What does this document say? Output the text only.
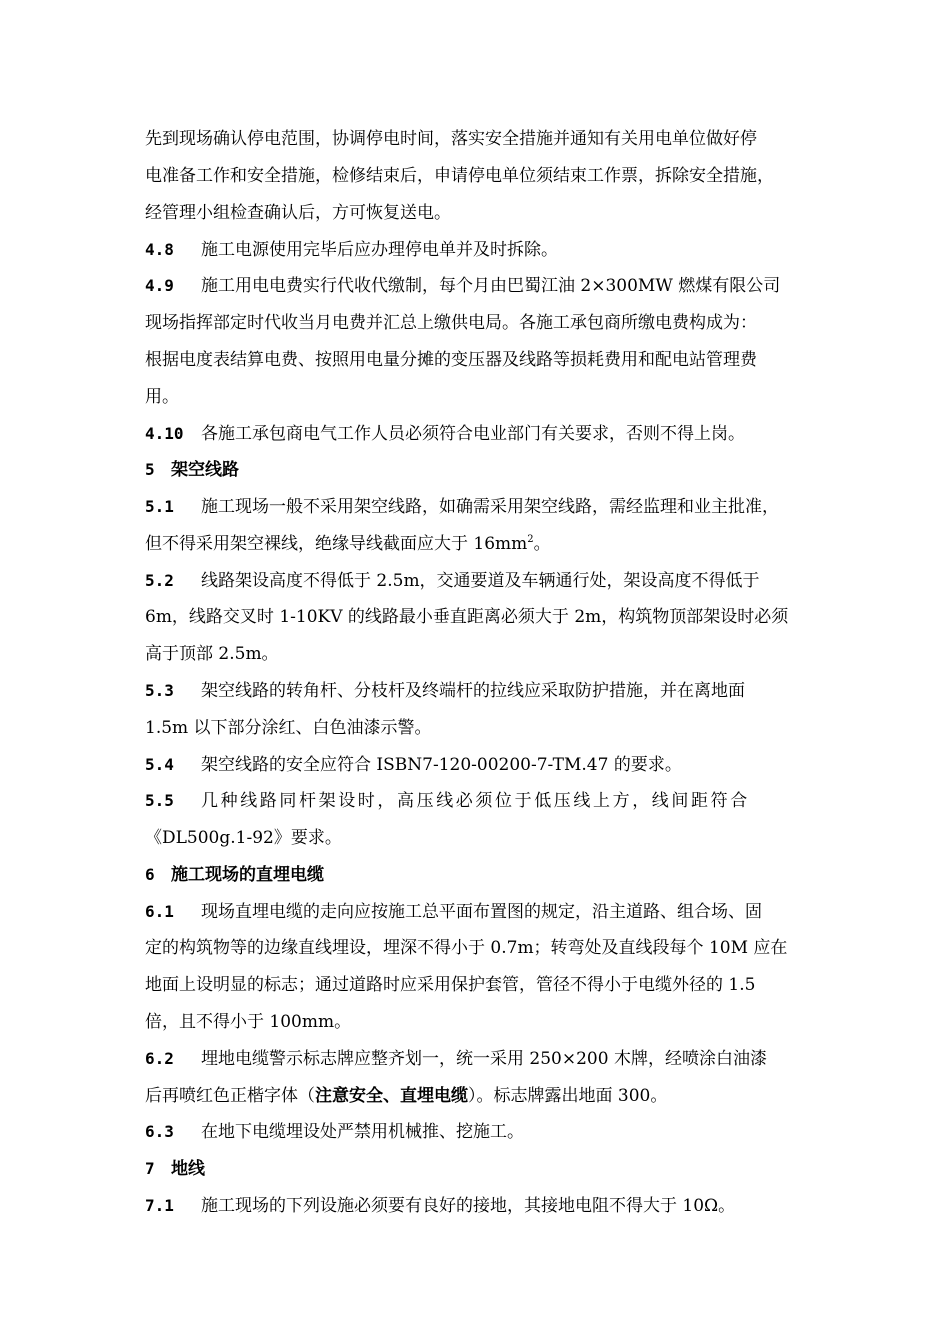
先到现场确认停电范围，协调停电时间，落实安全措施并通知有关用电单位做好停
电准备工作和安全措施，检修结束后，申请停电单位须结束工作票，拆除安全措施，
经管理小组检查确认后，方可恢复送电。
4.8 施工电源使用完毕后应办理停电单并及时拆除。
4.9 施工用电电费实行代收代缴制，每个月由巴蜀江油 2×300MW 燃煤有限公司
现场指挥部定时代收当月电费并汇总上缴供电局。各施工承包商所缴电费构成为：
根据电度表结算电费、按照用电量分摊的变压器及线路等损耗费用和配电站管理费
用。
4.10 各施工承包商电气工作人员必须符合电业部门有关要求，否则不得上岗。
5 架空线路
5.1 施工现场一般不采用架空线路，如确需采用架空线路，需经监理和业主批准，
但不得采用架空裸线，绝缘导线截面应大于 $16mm^2$。
5.2 线路架设高度不得低于 2.5m，交通要道及车辆通行处，架设高度不得低于
6m，线路交叉时 1-10KV 的线路最小垂直距离必须大于 2m，构筑物顶部架设时必须
高于顶部 2.5m。
5.3 架空线路的转角杆、分枝杆及终端杆的拉线应采取防护措施，并在离地面
1.5m 以下部分涂红、白色油漆示警。
5.4 架空线路的安全应符合 ISBN7-120-00200-7-TM.47 的要求。
5.5 几种线路同杆架设时，高压线必须位于低压线上方，线间距符合
《DL500g.1-92》要求。
6 施工现场的直埋电缆
6.1 现场直埋电缆的走向应按施工总平面布置图的规定，沿主道路、组合场、固
定的构筑物等的边缘直线埋设，埋深不得小于 0.7m；转弯处及直线段每个 10M 应在
地面上设明显的标志；通过道路时应采用保护套管，管径不得小于电缆外径的 1.5
倍，且不得小于 100mm。
6.2 埋地电缆警示标志牌应整齐划一，统一采用 250×200 木牌，经喷涂白油漆
后再喷红色正楷字体（注意安全、直埋电缆）。标志牌露出地面 300。
6.3 在地下电缆埋设处严禁用机械推、挖施工。
7 地线
7.1 施工现场的下列设施必须要有良好的接地，其接地电阻不得大于 10Ω。
